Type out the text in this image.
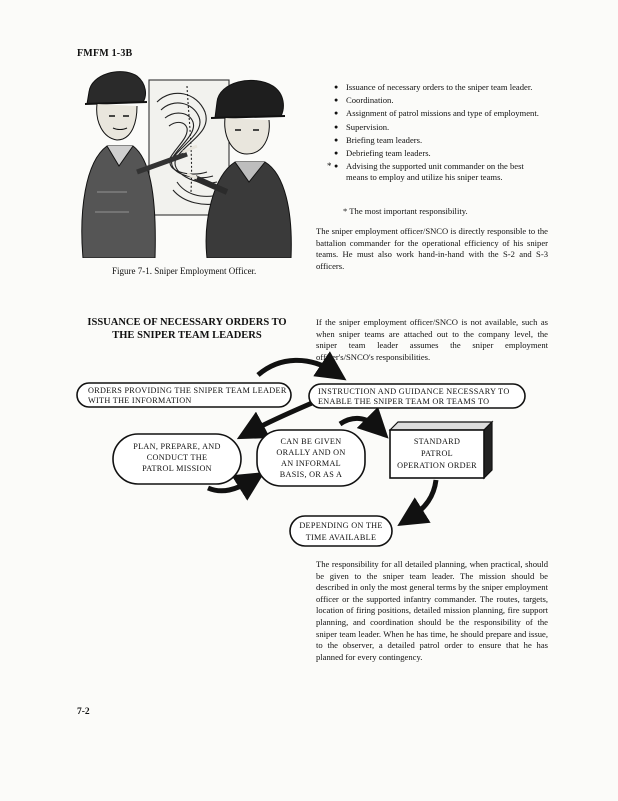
FMFM 1-3B
Figure 7-1. Sniper Employment Officer.
● Issuance of necessary orders to the sniper team leader.
● Coordination.
● Assignment of patrol missions and type of employment.
● Supervision.
● Briefing team leaders.
● Debriefing team leaders.
● * Advising the supported unit commander on the best means to employ and utilize his sniper teams.
* The most important responsibility.
The sniper employment officer/SNCO is directly responsible to the battalion commander for the operational efficiency of his sniper teams. He must also work hand-in-hand with the S-2 and S-3 officers.
ISSUANCE OF NECESSARY ORDERS TO
THE SNIPER TEAM LEADERS
If the sniper employment officer/SNCO is not available, such as when sniper teams are attached out to the company level, the sniper team leader assumes the sniper employment officer's/SNCO's responsibilities.
ORDERS PROVIDING THE SNIPER TEAM LEADER
WITH THE INFORMATION
INSTRUCTION AND GUIDANCE NECESSARY TO
ENABLE THE SNIPER TEAM OR TEAMS TO
PLAN, PREPARE, AND
CONDUCT THE
PATROL MISSION
CAN BE GIVEN
ORALLY AND ON
AN INFORMAL
BASIS, OR AS A
STANDARD
PATROL
OPERATION ORDER
DEPENDING ON THE
TIME AVAILABLE
The responsibility for all detailed planning, when practical, should be given to the sniper team leader. The mission should be described in only the most general terms by the sniper employment officer or the supported infantry commander. The routes, targets, location of firing positions, detailed mission planning, fire support planning, and coordination should be the responsibility of the sniper team leader. When he has time, he should prepare and issue, to the observer, a detailed patrol order to ensure that he has planned for every contingency.
7-2
